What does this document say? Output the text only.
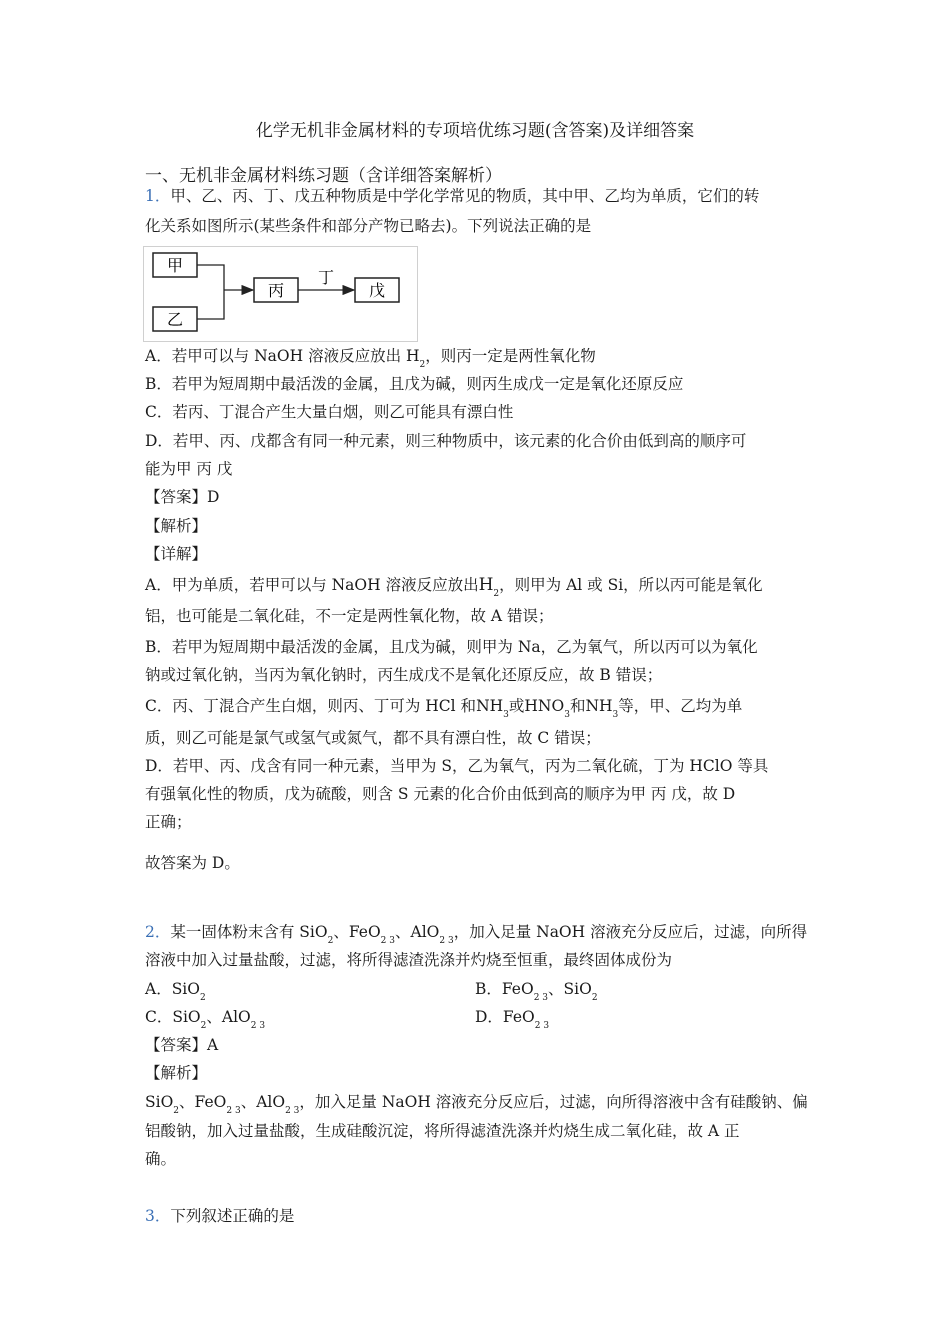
化学无机非金属材料的专项培优练习题(含答案)及详细答案
一、无机非金属材料练习题（含详细答案解析）
1．甲、乙、丙、丁、戊五种物质是中学化学常见的物质，其中甲、乙均为单质，它们的转
化关系如图所示(某些条件和部分产物已略去)。下列说法正确的是
甲
乙
丙
丁
戊
A．若甲可以与 NaOH 溶液反应放出 $H_2$，则丙一定是两性氧化物
B．若甲为短周期中最活泼的金属，且戊为碱，则丙生成戊一定是氧化还原反应
C．若丙、丁混合产生大量白烟，则乙可能具有漂白性
D．若甲、丙、戊都含有同一种元素，则三种物质中，该元素的化合价由低到高的顺序可
能为甲 丙 戊
【答案】D
【解析】
【详解】
A．甲为单质，若甲可以与 NaOH 溶液反应放出$H_2$，则甲为 Al 或 Si，所以丙可能是氧化
铝，也可能是二氧化硅，不一定是两性氧化物，故 A 错误；
B．若甲为短周期中最活泼的金属，且戊为碱，则甲为 Na，乙为氧气，所以丙可以为氧化
钠或过氧化钠，当丙为氧化钠时，丙生成戊不是氧化还原反应，故 B 错误；
C．丙、丁混合产生白烟，则丙、丁可为 HCl 和$NH_3$或$HNO_3$和$NH_3$等，甲、乙均为单
质，则乙可能是氯气或氢气或氮气，都不具有漂白性，故 C 错误；
D．若甲、丙、戊含有同一种元素，当甲为 S，乙为氧气，丙为二氧化硫，丁为 HClO 等具
有强氧化性的物质，戊为硫酸，则含 S 元素的化合价由低到高的顺序为甲 丙 戊，故 D
正确；
故答案为 D。
2．某一固体粉末含有 SiO$_2$、FeO$_{2 3}$、AlO$_{2 3}$，加入足量 NaOH 溶液充分反应后，过滤，向所得
溶液中加入过量盐酸，过滤，将所得滤渣洗涤并灼烧至恒重，最终固体成份为
A．SiO$_2$	B．FeO$_{2 3}$、SiO$_2$
C．SiO$_2$、AlO$_{2 3}$	D．FeO$_{2 3}$
【答案】A
【解析】
SiO$_2$、FeO$_{2 3}$、AlO$_{2 3}$，加入足量 NaOH 溶液充分反应后，过滤，向所得溶液中含有硅酸钠、偏
铝酸钠，加入过量盐酸，生成硅酸沉淀，将所得滤渣洗涤并灼烧生成二氧化硅，故 A 正
确。
3．下列叙述正确的是
